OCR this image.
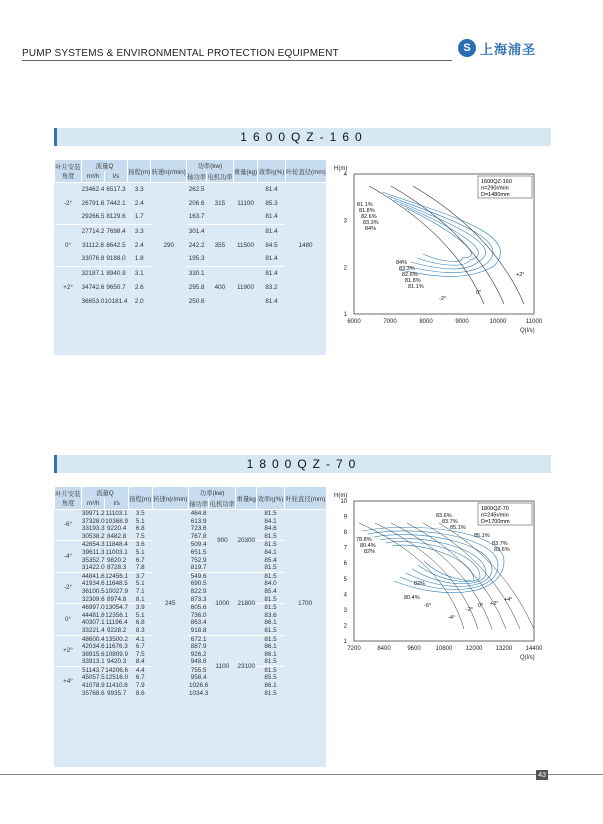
PUMP SYSTEMS & ENVIRONMENTAL PROTECTION EQUIPMENT	S 上海浦圣
1600QZ-160
叶片安装角度	流量Q		扬程(m)	转速n(r/min)	功率(kw)		重量(kg)	效率η(%)	叶轮直径(mm)
	m³/h	l/s			轴功率	电机功率			
-2°	23462.4	6517.3	3.3	290	262.5	315	11100	81.4	1480
	26791.6	7442.1	2.4		206.6			85.3	
	29266.5	8129.6	1.7		163.7			81.4	
0°	27714.2	7698.4	3.3		301.4	355	11500	81.4	
	31112.8	8642.5	2.4		242.2			84.5	
	33076.8	9188.0	1.8		195.3			81.4	
+2°	32187.1	8940.9	3.1		330.1	400	11900	81.4	
	34742.6	9650.7	2.6		295.8			83.2	
	36653.0	10181.4	2.0		250.6			81.4	
H(m)
Q(l/s)
1
2
3
4
6000	7000	8000	9000	10000	11000
1600QZ-160
n=290r/min
D=1480mm
81.1%
81.8%
82.6%
83.3%
84%
84%
83.3%
82.6%
81.8%
81.1%
-2°
0°
+2°
1800QZ-70
叶片安装角度	流量Q		扬程(m)	转速n(r/min)	功率(kw)		重量kg	效率η(%)	叶轮直径(mm)
	m³/h	l/s			轴功率	电机功率			
-6°	39971.2	11103.1	3.5	245	464.8	900	20300	81.5	1700
	37328.0	10368.9	5.1		613.9			84.1	
	33193.3	9220.4	6.8		723.6			84.6	
	30538.2	8482.8	7.5		767.8			81.5	
-4°	42654.3	11848.4	3.6		509.4			81.5	
	39611.3	11003.1	5.1		651.5			84.1	
	35352.7	9820.2	6.7		752.9			85.4	
	31422.0	8728.3	7.8		819.7			81.5	
-2°	44841.6	12456.1	3.7		549.6	1000	21800	81.5	
	41934.6	11648.5	5.1		690.5			84.0	
	36100.5	10027.9	7.1		822.9			85.4	
	32309.6	8974.8	8.1		873.3			81.5	
0°	46997.0	13054.7	3.9		605.6			81.5	
	44481.8	12356.1	5.1		736.0			83.6	
	40307.1	11196.4	6.8		863.4			86.1	
	33221.4	9228.2	8.3		918.8			81.5	
+2°	48600.4	13500.2	4.1		672.1	1100	23100	81.5	
	42034.6	11676.3	6.7		887.9			86.1	
	38915.6	10809.9	7.5		926.2			86.1	
	33913.1	9420.3	8.4		948.6			81.5	
+4°	51143.7	14206.6	4.4		755.5			81.5	
	45057.5	12516.0	6.7		958.4			85.5	
	41078.9	11410.8	7.9		1026.6			86.1	
	35768.6	9935.7	8.6		1034.3			81.5	
H(m)
Q(l/s)
1
2
3
4
5
6
7
8
9
10
7200	8400	9600 10800 12000 13200 14400
1800QZ-70
n=245r/min
D=1700mm
78.8%
80.4%
82%
83.6%
83.7%
85.1%
85.1%
83.7%
83.6%
82%
80.4%
-6°
-4°
-2°
0° +2°
+4°
43
